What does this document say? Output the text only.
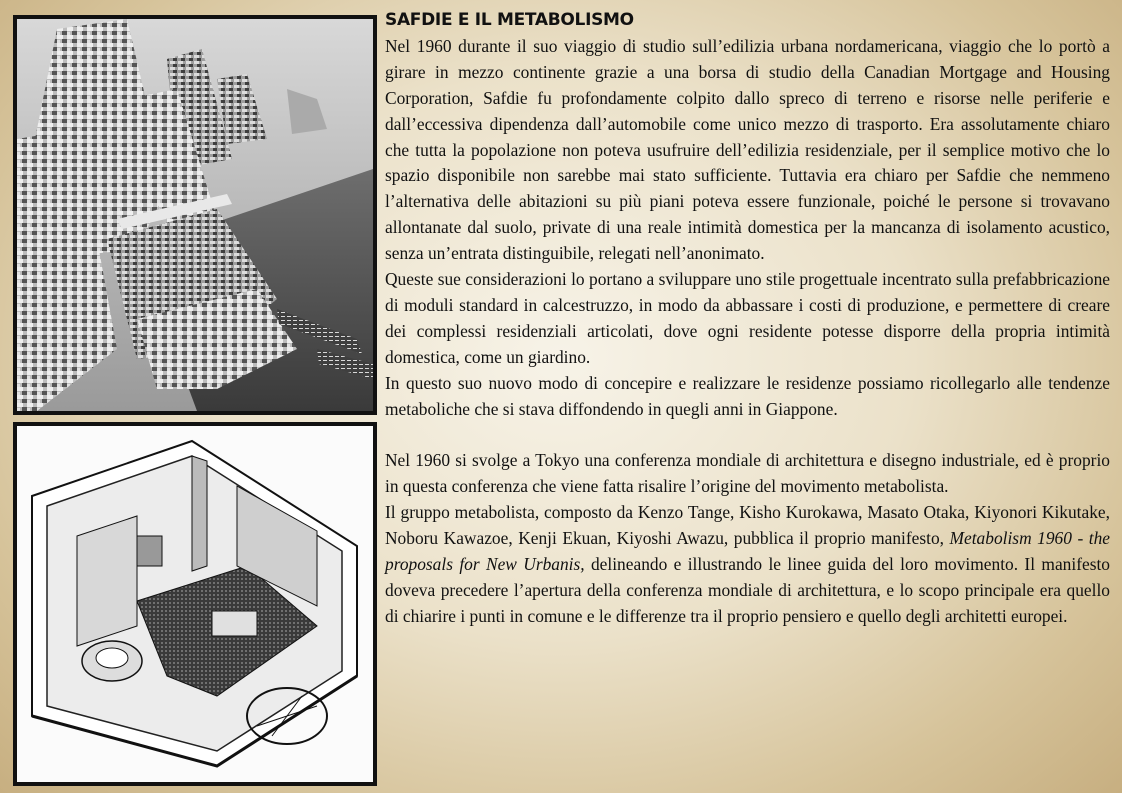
SAFDIE E IL METABOLISMO

Nel 1960 durante il suo viaggio di studio sull’edilizia urbana nordamericana, viaggio che lo portò a girare in mezzo continente grazie a una borsa di studio della Canadian Mortgage and Housing Corporation, Safdie fu profondamente colpito dallo spreco di terreno e risorse nelle periferie e dall’eccessiva dipendenza dall’automobile come unico mezzo di trasporto. Era assolutamente chiaro che tutta la popolazione non poteva usufruire dell’edilizia residenziale, per il semplice motivo che lo spazio disponibile non sarebbe mai stato sufficiente. Tuttavia era chiaro per Safdie che nemmeno l’alternativa delle abitazioni su più piani poteva essere funzionale, poiché le persone si trovavano allontanate dal suolo, private di una reale intimità domestica per la mancanza di isolamento acustico, senza un’entrata distinguibile, relegati nell’anonimato.

Queste sue considerazioni lo portano a sviluppare uno stile progettuale incentrato sulla prefabbricazione di moduli standard in calcestruzzo, in modo da abbassare i costi di produzione, e permettere di creare dei complessi residenziali articolati, dove ogni residente potesse disporre della propria intimità domestica, come un giardino.

In questo suo nuovo modo di concepire e realizzare le residenze possiamo ricollegarlo alle tendenze metaboliche che si stava diffondendo in quegli anni in Giappone.

Nel 1960 si svolge a Tokyo una conferenza mondiale di architettura e disegno industriale, ed è proprio in questa conferenza che viene fatta risalire l’origine del movimento metabolista.

Il gruppo metabolista, composto da Kenzo Tange, Kisho Kurokawa, Masato Otaka, Kiyonori Kikutake, Noboru Kawazoe, Kenji Ekuan, Kiyoshi Awazu, pubblica il proprio manifesto, Metabolism 1960 - the proposals for New Urbanis, delineando e illustrando le linee guida del loro movimento. Il manifesto doveva precedere l’apertura della conferenza mondiale di architettura, e lo scopo principale era quello di chiarire i punti in comune e le differenze tra il proprio pensiero e quello degli architetti europei.
